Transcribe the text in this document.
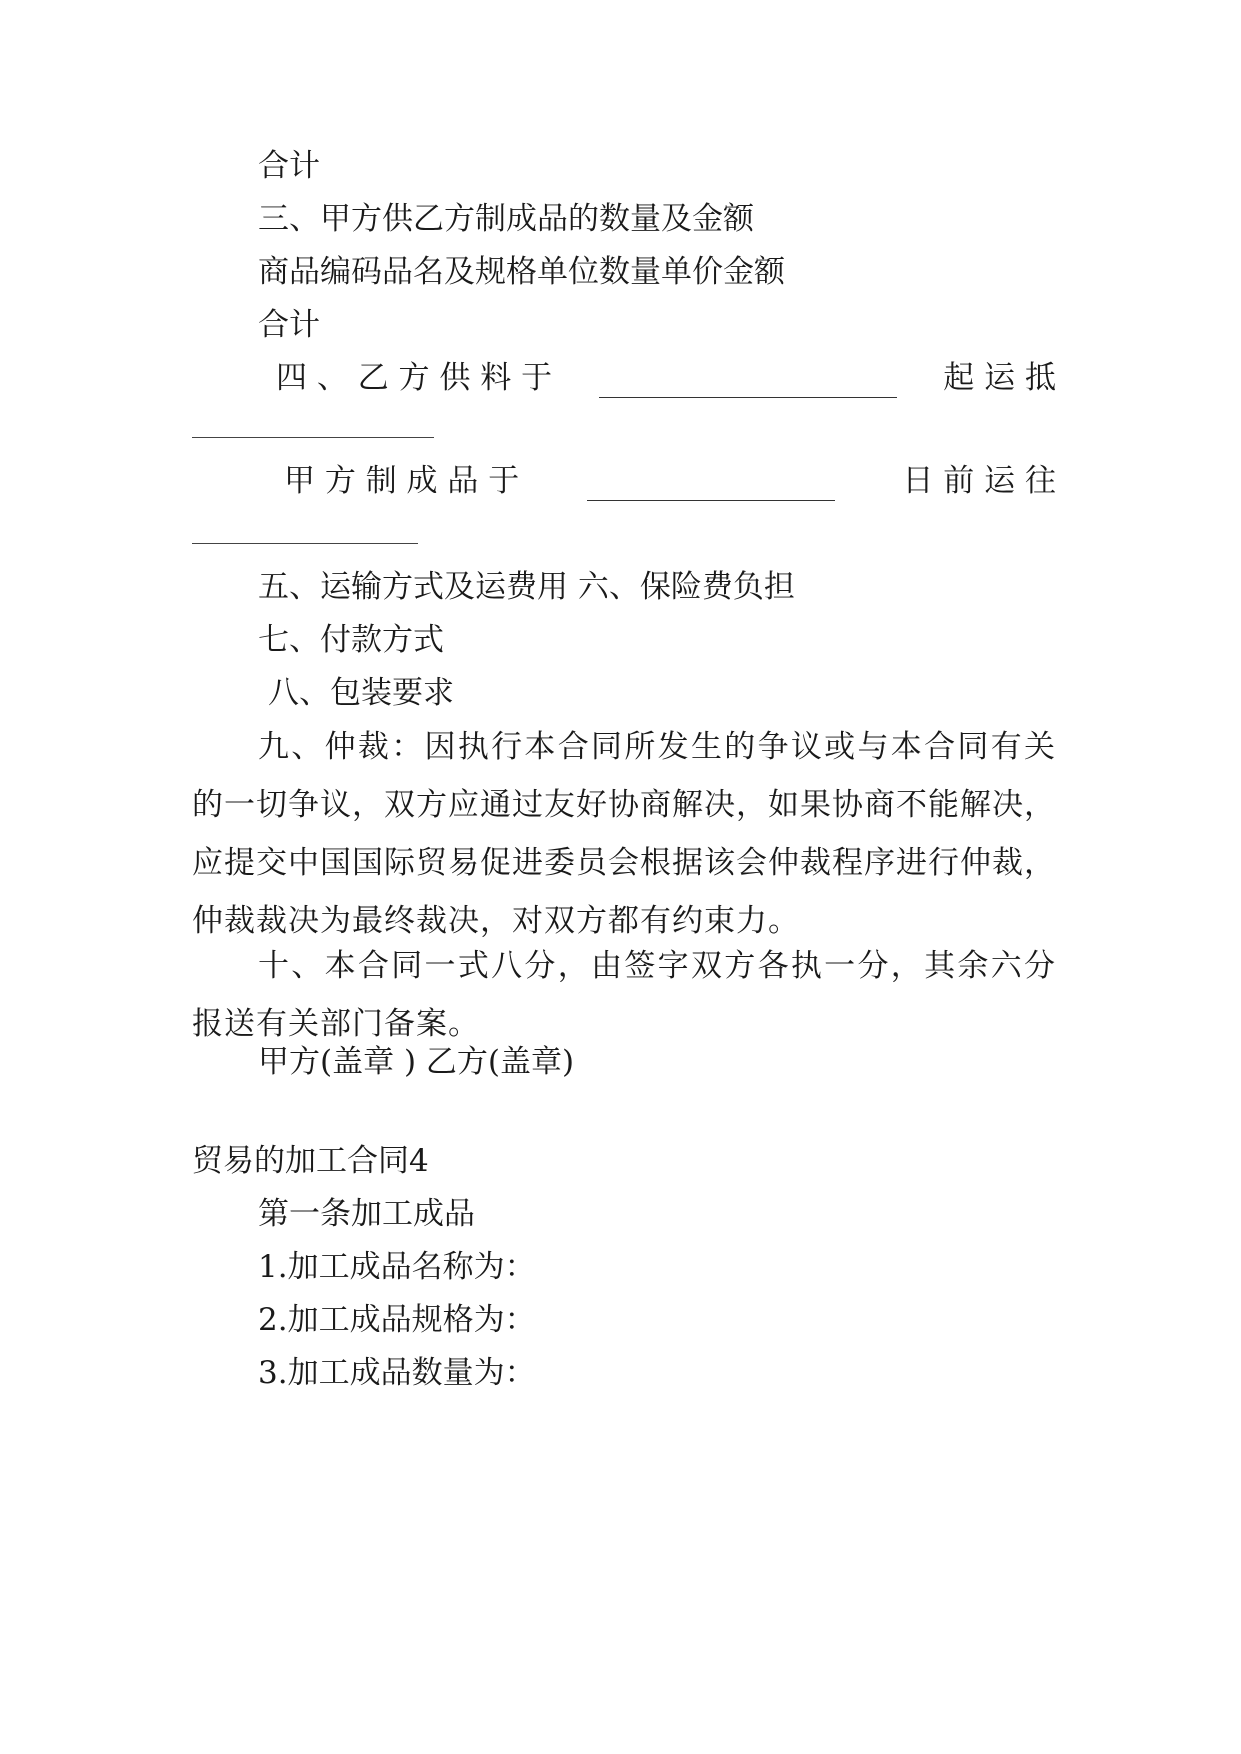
合计
三、甲方供乙方制成品的数量及金额
商品编码品名及规格单位数量单价金额
合计
四 、 乙 方 供 料 于	起 运 抵
甲 方 制 成 品 于	日 前 运 往
五、运输方式及运费用 六、保险费负担
七、付款方式
八、包装要求
九、仲裁：因执行本合同所发生的争议或与本合同有关的一切争议，双方应通过友好协商解决，如果协商不能解决，应提交中国国际贸易促进委员会根据该会仲裁程序进行仲裁，仲裁裁决为最终裁决，对双方都有约束力。
十、本合同一式八分，由签字双方各执一分，其余六分报送有关部门备案。
甲方(盖章 ) 乙方(盖章)
贸易的加工合同4
第一条加工成品
1.加工成品名称为：
2.加工成品规格为：
3.加工成品数量为：
